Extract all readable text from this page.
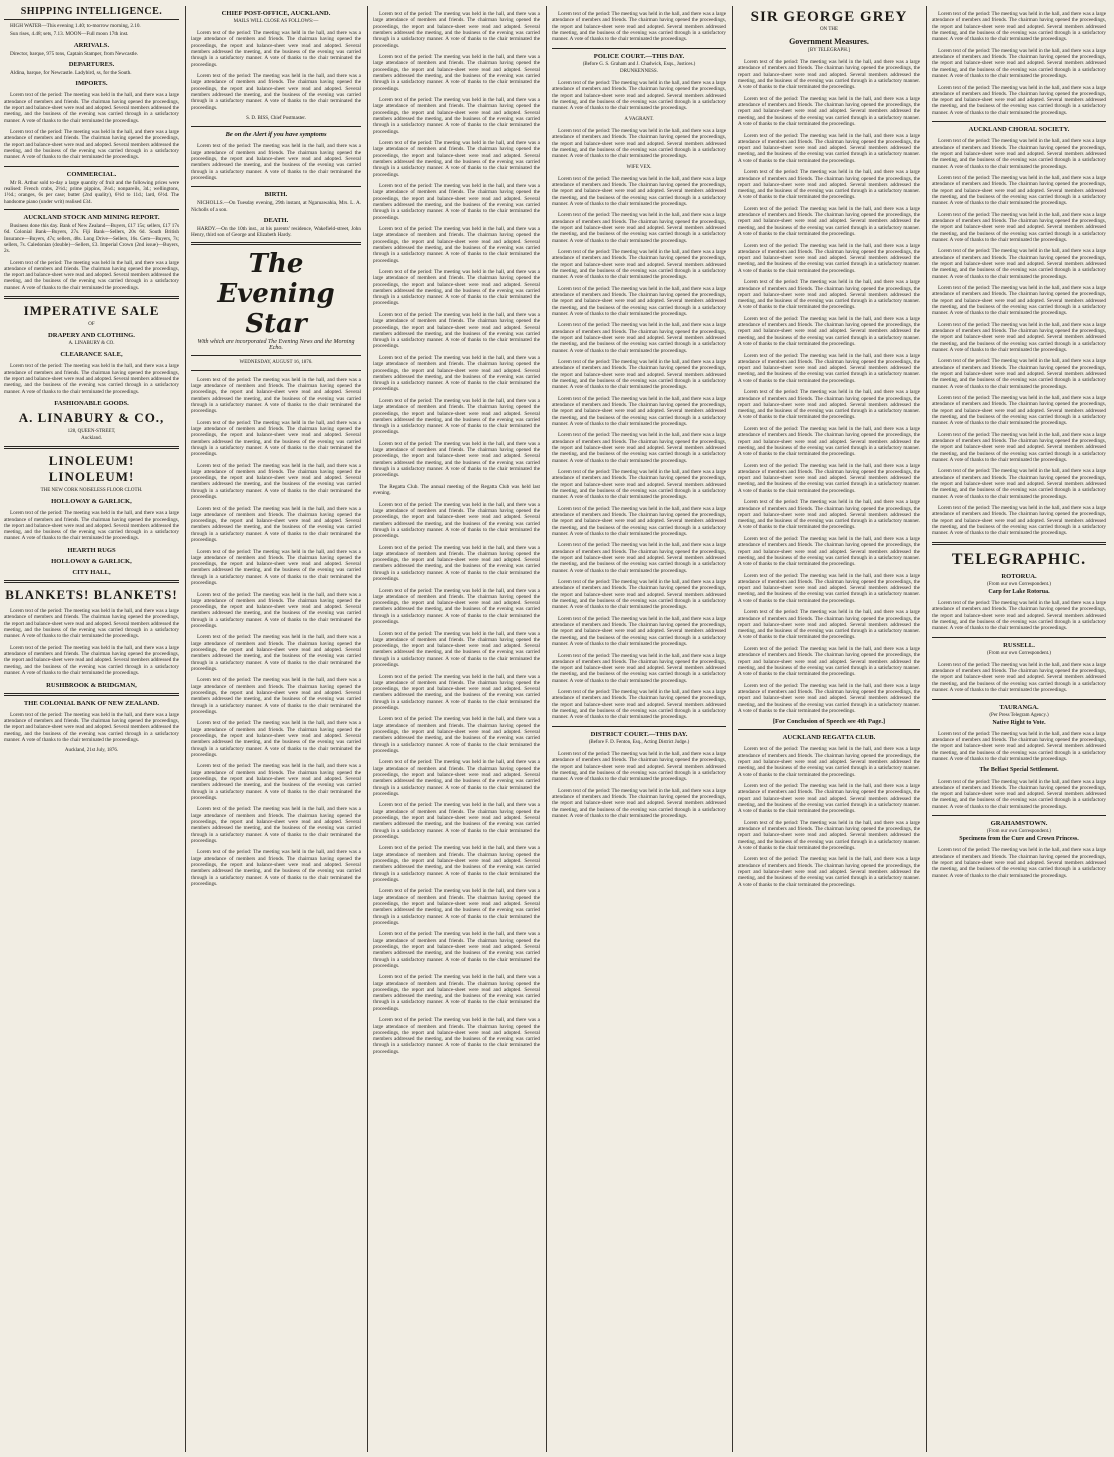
SHIPPING INTELLIGENCE.

HIGH WATER—This evening 1.40; to-morrow morning, 2.10.

Sun rises, 4.48; sets, 7.13. MOON—Full moon 17th inst.

ARRIVALS.

Director, barque, 975 tons, Captain Stamper, from Newcastle.

DEPARTURES.

Aldina, barque, for Newcastle. Ladybird, ss, for the South.

IMPORTS.

Lorem text of the period: The meeting was held in the hall, and there was a large attendance of members and friends. The chairman having opened the proceedings, the report and balance-sheet were read and adopted. Several members addressed the meeting, and the business of the evening was carried through in a satisfactory manner. A vote of thanks to the chair terminated the proceedings.

Lorem text of the period: The meeting was held in the hall, and there was a large attendance of members and friends. The chairman having opened the proceedings, the report and balance-sheet were read and adopted. Several members addressed the meeting, and the business of the evening was carried through in a satisfactory manner. A vote of thanks to the chair terminated the proceedings.

COMMERCIAL.

Mr R. Arthur sold to-day a large quantity of fruit and the following prices were realised: French crabs, 2½d.; prime pippins, 3¼d.; nonpareils, 3d.; wellingtons, 1½d.; oranges, 6s per case; butter (2nd quality), 6½d to 11d.; lard, 6½d. The handsome piano (under writ) realised £34.

AUCKLAND STOCK AND MINING REPORT.

Business done this day. Bank of New Zealand—Buyers, £17 15s; sellers, £17 17s 6d. Colonial Bank—Buyers, 27s. Fiji Bank—Sellers, 20s 6d. South British Insurance—Buyers, 47s; sellers, 48s. Long Drive—Sellers, 16s. Gem—Buyers, 7s; sellers, 7s. Caledonian (double)—Sellers, £3. Imperial Crown (2nd issue)—Buyers, 2s.

Lorem text of the period: The meeting was held in the hall, and there was a large attendance of members and friends. The chairman having opened the proceedings, the report and balance-sheet were read and adopted. Several members addressed the meeting, and the business of the evening was carried through in a satisfactory manner. A vote of thanks to the chair terminated the proceedings.

IMPERATIVE SALE
OF
DRAPERY AND CLOTHING.
A. LINABURY & CO.
CLEARANCE SALE,

Lorem text of the period: The meeting was held in the hall, and there was a large attendance of members and friends. The chairman having opened the proceedings, the report and balance-sheet were read and adopted. Several members addressed the meeting, and the business of the evening was carried through in a satisfactory manner. A vote of thanks to the chair terminated the proceedings.

FASHIONABLE GOODS.
A. LINABURY & CO.,
128, QUEEN-STREET,
Auckland.
LINOLEUM! LINOLEUM!
THE NEW CORK NOISELESS FLOOR CLOTH.
HOLLOWAY & GARLICK,

Lorem text of the period: The meeting was held in the hall, and there was a large attendance of members and friends. The chairman having opened the proceedings, the report and balance-sheet were read and adopted. Several members addressed the meeting, and the business of the evening was carried through in a satisfactory manner. A vote of thanks to the chair terminated the proceedings.

HEARTH RUGS
HOLLOWAY & GARLICK,
CITY HALL,
BLANKETS! BLANKETS!

Lorem text of the period: The meeting was held in the hall, and there was a large attendance of members and friends. The chairman having opened the proceedings, the report and balance-sheet were read and adopted. Several members addressed the meeting, and the business of the evening was carried through in a satisfactory manner. A vote of thanks to the chair terminated the proceedings.

Lorem text of the period: The meeting was held in the hall, and there was a large attendance of members and friends. The chairman having opened the proceedings, the report and balance-sheet were read and adopted. Several members addressed the meeting, and the business of the evening was carried through in a satisfactory manner. A vote of thanks to the chair terminated the proceedings.

RUSHBROOK & BRIDGMAN,
THE COLONIAL BANK OF NEW ZEALAND.

Lorem text of the period: The meeting was held in the hall, and there was a large attendance of members and friends. The chairman having opened the proceedings, the report and balance-sheet were read and adopted. Several members addressed the meeting, and the business of the evening was carried through in a satisfactory manner. A vote of thanks to the chair terminated the proceedings.

Auckland, 21st July, 1876.
CHIEF POST-OFFICE, AUCKLAND.
MAILS WILL CLOSE AS FOLLOWS:—

Lorem text of the period: The meeting was held in the hall, and there was a large attendance of members and friends. The chairman having opened the proceedings, the report and balance-sheet were read and adopted. Several members addressed the meeting, and the business of the evening was carried through in a satisfactory manner. A vote of thanks to the chair terminated the proceedings.

Lorem text of the period: The meeting was held in the hall, and there was a large attendance of members and friends. The chairman having opened the proceedings, the report and balance-sheet were read and adopted. Several members addressed the meeting, and the business of the evening was carried through in a satisfactory manner. A vote of thanks to the chair terminated the proceedings.

S. D. BISS, Chief Postmaster.
Be on the Alert if you have symptoms

Lorem text of the period: The meeting was held in the hall, and there was a large attendance of members and friends. The chairman having opened the proceedings, the report and balance-sheet were read and adopted. Several members addressed the meeting, and the business of the evening was carried through in a satisfactory manner. A vote of thanks to the chair terminated the proceedings.

BIRTH.

NICHOLLS.—On Tuesday evening, 29th instant, at Ngaruawahia, Mrs. L. A. Nicholls of a son.

DEATH.

HARDY.—On the 10th inst., at his parents' residence, Wakefield-street, John Henry, third son of George and Elizabeth Hardy.

The Evening Star
With which are incorporated The Evening News and the Morning Echo.
WEDNESDAY, AUGUST 16, 1876.

Lorem text of the period: The meeting was held in the hall, and there was a large attendance of members and friends. The chairman having opened the proceedings, the report and balance-sheet were read and adopted. Several members addressed the meeting, and the business of the evening was carried through in a satisfactory manner. A vote of thanks to the chair terminated the proceedings.

Lorem text of the period: The meeting was held in the hall, and there was a large attendance of members and friends. The chairman having opened the proceedings, the report and balance-sheet were read and adopted. Several members addressed the meeting, and the business of the evening was carried through in a satisfactory manner. A vote of thanks to the chair terminated the proceedings.

Lorem text of the period: The meeting was held in the hall, and there was a large attendance of members and friends. The chairman having opened the proceedings, the report and balance-sheet were read and adopted. Several members addressed the meeting, and the business of the evening was carried through in a satisfactory manner. A vote of thanks to the chair terminated the proceedings.

Lorem text of the period: The meeting was held in the hall, and there was a large attendance of members and friends. The chairman having opened the proceedings, the report and balance-sheet were read and adopted. Several members addressed the meeting, and the business of the evening was carried through in a satisfactory manner. A vote of thanks to the chair terminated the proceedings.

Lorem text of the period: The meeting was held in the hall, and there was a large attendance of members and friends. The chairman having opened the proceedings, the report and balance-sheet were read and adopted. Several members addressed the meeting, and the business of the evening was carried through in a satisfactory manner. A vote of thanks to the chair terminated the proceedings.

Lorem text of the period: The meeting was held in the hall, and there was a large attendance of members and friends. The chairman having opened the proceedings, the report and balance-sheet were read and adopted. Several members addressed the meeting, and the business of the evening was carried through in a satisfactory manner. A vote of thanks to the chair terminated the proceedings.

Lorem text of the period: The meeting was held in the hall, and there was a large attendance of members and friends. The chairman having opened the proceedings, the report and balance-sheet were read and adopted. Several members addressed the meeting, and the business of the evening was carried through in a satisfactory manner. A vote of thanks to the chair terminated the proceedings.

Lorem text of the period: The meeting was held in the hall, and there was a large attendance of members and friends. The chairman having opened the proceedings, the report and balance-sheet were read and adopted. Several members addressed the meeting, and the business of the evening was carried through in a satisfactory manner. A vote of thanks to the chair terminated the proceedings.

Lorem text of the period: The meeting was held in the hall, and there was a large attendance of members and friends. The chairman having opened the proceedings, the report and balance-sheet were read and adopted. Several members addressed the meeting, and the business of the evening was carried through in a satisfactory manner. A vote of thanks to the chair terminated the proceedings.

Lorem text of the period: The meeting was held in the hall, and there was a large attendance of members and friends. The chairman having opened the proceedings, the report and balance-sheet were read and adopted. Several members addressed the meeting, and the business of the evening was carried through in a satisfactory manner. A vote of thanks to the chair terminated the proceedings.

Lorem text of the period: The meeting was held in the hall, and there was a large attendance of members and friends. The chairman having opened the proceedings, the report and balance-sheet were read and adopted. Several members addressed the meeting, and the business of the evening was carried through in a satisfactory manner. A vote of thanks to the chair terminated the proceedings.

Lorem text of the period: The meeting was held in the hall, and there was a large attendance of members and friends. The chairman having opened the proceedings, the report and balance-sheet were read and adopted. Several members addressed the meeting, and the business of the evening was carried through in a satisfactory manner. A vote of thanks to the chair terminated the proceedings.

Lorem text of the period: The meeting was held in the hall, and there was a large attendance of members and friends. The chairman having opened the proceedings, the report and balance-sheet were read and adopted. Several members addressed the meeting, and the business of the evening was carried through in a satisfactory manner. A vote of thanks to the chair terminated the proceedings.

Lorem text of the period: The meeting was held in the hall, and there was a large attendance of members and friends. The chairman having opened the proceedings, the report and balance-sheet were read and adopted. Several members addressed the meeting, and the business of the evening was carried through in a satisfactory manner. A vote of thanks to the chair terminated the proceedings.

Lorem text of the period: The meeting was held in the hall, and there was a large attendance of members and friends. The chairman having opened the proceedings, the report and balance-sheet were read and adopted. Several members addressed the meeting, and the business of the evening was carried through in a satisfactory manner. A vote of thanks to the chair terminated the proceedings.

Lorem text of the period: The meeting was held in the hall, and there was a large attendance of members and friends. The chairman having opened the proceedings, the report and balance-sheet were read and adopted. Several members addressed the meeting, and the business of the evening was carried through in a satisfactory manner. A vote of thanks to the chair terminated the proceedings.

Lorem text of the period: The meeting was held in the hall, and there was a large attendance of members and friends. The chairman having opened the proceedings, the report and balance-sheet were read and adopted. Several members addressed the meeting, and the business of the evening was carried through in a satisfactory manner. A vote of thanks to the chair terminated the proceedings.

Lorem text of the period: The meeting was held in the hall, and there was a large attendance of members and friends. The chairman having opened the proceedings, the report and balance-sheet were read and adopted. Several members addressed the meeting, and the business of the evening was carried through in a satisfactory manner. A vote of thanks to the chair terminated the proceedings.

Lorem text of the period: The meeting was held in the hall, and there was a large attendance of members and friends. The chairman having opened the proceedings, the report and balance-sheet were read and adopted. Several members addressed the meeting, and the business of the evening was carried through in a satisfactory manner. A vote of thanks to the chair terminated the proceedings.

Lorem text of the period: The meeting was held in the hall, and there was a large attendance of members and friends. The chairman having opened the proceedings, the report and balance-sheet were read and adopted. Several members addressed the meeting, and the business of the evening was carried through in a satisfactory manner. A vote of thanks to the chair terminated the proceedings.

Lorem text of the period: The meeting was held in the hall, and there was a large attendance of members and friends. The chairman having opened the proceedings, the report and balance-sheet were read and adopted. Several members addressed the meeting, and the business of the evening was carried through in a satisfactory manner. A vote of thanks to the chair terminated the proceedings.

Lorem text of the period: The meeting was held in the hall, and there was a large attendance of members and friends. The chairman having opened the proceedings, the report and balance-sheet were read and adopted. Several members addressed the meeting, and the business of the evening was carried through in a satisfactory manner. A vote of thanks to the chair terminated the proceedings.

Lorem text of the period: The meeting was held in the hall, and there was a large attendance of members and friends. The chairman having opened the proceedings, the report and balance-sheet were read and adopted. Several members addressed the meeting, and the business of the evening was carried through in a satisfactory manner. A vote of thanks to the chair terminated the proceedings.

The Regatta Club. The annual meeting of the Regatta Club was held last evening.

Lorem text of the period: The meeting was held in the hall, and there was a large attendance of members and friends. The chairman having opened the proceedings, the report and balance-sheet were read and adopted. Several members addressed the meeting, and the business of the evening was carried through in a satisfactory manner. A vote of thanks to the chair terminated the proceedings.

Lorem text of the period: The meeting was held in the hall, and there was a large attendance of members and friends. The chairman having opened the proceedings, the report and balance-sheet were read and adopted. Several members addressed the meeting, and the business of the evening was carried through in a satisfactory manner. A vote of thanks to the chair terminated the proceedings.

Lorem text of the period: The meeting was held in the hall, and there was a large attendance of members and friends. The chairman having opened the proceedings, the report and balance-sheet were read and adopted. Several members addressed the meeting, and the business of the evening was carried through in a satisfactory manner. A vote of thanks to the chair terminated the proceedings.

Lorem text of the period: The meeting was held in the hall, and there was a large attendance of members and friends. The chairman having opened the proceedings, the report and balance-sheet were read and adopted. Several members addressed the meeting, and the business of the evening was carried through in a satisfactory manner. A vote of thanks to the chair terminated the proceedings.

Lorem text of the period: The meeting was held in the hall, and there was a large attendance of members and friends. The chairman having opened the proceedings, the report and balance-sheet were read and adopted. Several members addressed the meeting, and the business of the evening was carried through in a satisfactory manner. A vote of thanks to the chair terminated the proceedings.

Lorem text of the period: The meeting was held in the hall, and there was a large attendance of members and friends. The chairman having opened the proceedings, the report and balance-sheet were read and adopted. Several members addressed the meeting, and the business of the evening was carried through in a satisfactory manner. A vote of thanks to the chair terminated the proceedings.

Lorem text of the period: The meeting was held in the hall, and there was a large attendance of members and friends. The chairman having opened the proceedings, the report and balance-sheet were read and adopted. Several members addressed the meeting, and the business of the evening was carried through in a satisfactory manner. A vote of thanks to the chair terminated the proceedings.

Lorem text of the period: The meeting was held in the hall, and there was a large attendance of members and friends. The chairman having opened the proceedings, the report and balance-sheet were read and adopted. Several members addressed the meeting, and the business of the evening was carried through in a satisfactory manner. A vote of thanks to the chair terminated the proceedings.

Lorem text of the period: The meeting was held in the hall, and there was a large attendance of members and friends. The chairman having opened the proceedings, the report and balance-sheet were read and adopted. Several members addressed the meeting, and the business of the evening was carried through in a satisfactory manner. A vote of thanks to the chair terminated the proceedings.

Lorem text of the period: The meeting was held in the hall, and there was a large attendance of members and friends. The chairman having opened the proceedings, the report and balance-sheet were read and adopted. Several members addressed the meeting, and the business of the evening was carried through in a satisfactory manner. A vote of thanks to the chair terminated the proceedings.

Lorem text of the period: The meeting was held in the hall, and there was a large attendance of members and friends. The chairman having opened the proceedings, the report and balance-sheet were read and adopted. Several members addressed the meeting, and the business of the evening was carried through in a satisfactory manner. A vote of thanks to the chair terminated the proceedings.

Lorem text of the period: The meeting was held in the hall, and there was a large attendance of members and friends. The chairman having opened the proceedings, the report and balance-sheet were read and adopted. Several members addressed the meeting, and the business of the evening was carried through in a satisfactory manner. A vote of thanks to the chair terminated the proceedings.

Lorem text of the period: The meeting was held in the hall, and there was a large attendance of members and friends. The chairman having opened the proceedings, the report and balance-sheet were read and adopted. Several members addressed the meeting, and the business of the evening was carried through in a satisfactory manner. A vote of thanks to the chair terminated the proceedings.

Lorem text of the period: The meeting was held in the hall, and there was a large attendance of members and friends. The chairman having opened the proceedings, the report and balance-sheet were read and adopted. Several members addressed the meeting, and the business of the evening was carried through in a satisfactory manner. A vote of thanks to the chair terminated the proceedings.

POLICE COURT.—THIS DAY.
(Before G. S. Graham and J. Chadwick, Esqs., Justices.)
DRUNKENNESS.

Lorem text of the period: The meeting was held in the hall, and there was a large attendance of members and friends. The chairman having opened the proceedings, the report and balance-sheet were read and adopted. Several members addressed the meeting, and the business of the evening was carried through in a satisfactory manner. A vote of thanks to the chair terminated the proceedings.

A VAGRANT.

Lorem text of the period: The meeting was held in the hall, and there was a large attendance of members and friends. The chairman having opened the proceedings, the report and balance-sheet were read and adopted. Several members addressed the meeting, and the business of the evening was carried through in a satisfactory manner. A vote of thanks to the chair terminated the proceedings.

WIFE VEX.

Lorem text of the period: The meeting was held in the hall, and there was a large attendance of members and friends. The chairman having opened the proceedings, the report and balance-sheet were read and adopted. Several members addressed the meeting, and the business of the evening was carried through in a satisfactory manner. A vote of thanks to the chair terminated the proceedings.

Lorem text of the period: The meeting was held in the hall, and there was a large attendance of members and friends. The chairman having opened the proceedings, the report and balance-sheet were read and adopted. Several members addressed the meeting, and the business of the evening was carried through in a satisfactory manner. A vote of thanks to the chair terminated the proceedings.

Lorem text of the period: The meeting was held in the hall, and there was a large attendance of members and friends. The chairman having opened the proceedings, the report and balance-sheet were read and adopted. Several members addressed the meeting, and the business of the evening was carried through in a satisfactory manner. A vote of thanks to the chair terminated the proceedings.

Lorem text of the period: The meeting was held in the hall, and there was a large attendance of members and friends. The chairman having opened the proceedings, the report and balance-sheet were read and adopted. Several members addressed the meeting, and the business of the evening was carried through in a satisfactory manner. A vote of thanks to the chair terminated the proceedings.

Lorem text of the period: The meeting was held in the hall, and there was a large attendance of members and friends. The chairman having opened the proceedings, the report and balance-sheet were read and adopted. Several members addressed the meeting, and the business of the evening was carried through in a satisfactory manner. A vote of thanks to the chair terminated the proceedings.

Lorem text of the period: The meeting was held in the hall, and there was a large attendance of members and friends. The chairman having opened the proceedings, the report and balance-sheet were read and adopted. Several members addressed the meeting, and the business of the evening was carried through in a satisfactory manner. A vote of thanks to the chair terminated the proceedings.

Lorem text of the period: The meeting was held in the hall, and there was a large attendance of members and friends. The chairman having opened the proceedings, the report and balance-sheet were read and adopted. Several members addressed the meeting, and the business of the evening was carried through in a satisfactory manner. A vote of thanks to the chair terminated the proceedings.

Lorem text of the period: The meeting was held in the hall, and there was a large attendance of members and friends. The chairman having opened the proceedings, the report and balance-sheet were read and adopted. Several members addressed the meeting, and the business of the evening was carried through in a satisfactory manner. A vote of thanks to the chair terminated the proceedings.

Lorem text of the period: The meeting was held in the hall, and there was a large attendance of members and friends. The chairman having opened the proceedings, the report and balance-sheet were read and adopted. Several members addressed the meeting, and the business of the evening was carried through in a satisfactory manner. A vote of thanks to the chair terminated the proceedings.

Lorem text of the period: The meeting was held in the hall, and there was a large attendance of members and friends. The chairman having opened the proceedings, the report and balance-sheet were read and adopted. Several members addressed the meeting, and the business of the evening was carried through in a satisfactory manner. A vote of thanks to the chair terminated the proceedings.

Lorem text of the period: The meeting was held in the hall, and there was a large attendance of members and friends. The chairman having opened the proceedings, the report and balance-sheet were read and adopted. Several members addressed the meeting, and the business of the evening was carried through in a satisfactory manner. A vote of thanks to the chair terminated the proceedings.

Lorem text of the period: The meeting was held in the hall, and there was a large attendance of members and friends. The chairman having opened the proceedings, the report and balance-sheet were read and adopted. Several members addressed the meeting, and the business of the evening was carried through in a satisfactory manner. A vote of thanks to the chair terminated the proceedings.

Lorem text of the period: The meeting was held in the hall, and there was a large attendance of members and friends. The chairman having opened the proceedings, the report and balance-sheet were read and adopted. Several members addressed the meeting, and the business of the evening was carried through in a satisfactory manner. A vote of thanks to the chair terminated the proceedings.

Lorem text of the period: The meeting was held in the hall, and there was a large attendance of members and friends. The chairman having opened the proceedings, the report and balance-sheet were read and adopted. Several members addressed the meeting, and the business of the evening was carried through in a satisfactory manner. A vote of thanks to the chair terminated the proceedings.

Lorem text of the period: The meeting was held in the hall, and there was a large attendance of members and friends. The chairman having opened the proceedings, the report and balance-sheet were read and adopted. Several members addressed the meeting, and the business of the evening was carried through in a satisfactory manner. A vote of thanks to the chair terminated the proceedings.

DISTRICT COURT.—THIS DAY.
(Before F. D. Fenton, Esq., Acting District Judge.)

Lorem text of the period: The meeting was held in the hall, and there was a large attendance of members and friends. The chairman having opened the proceedings, the report and balance-sheet were read and adopted. Several members addressed the meeting, and the business of the evening was carried through in a satisfactory manner. A vote of thanks to the chair terminated the proceedings.

Lorem text of the period: The meeting was held in the hall, and there was a large attendance of members and friends. The chairman having opened the proceedings, the report and balance-sheet were read and adopted. Several members addressed the meeting, and the business of the evening was carried through in a satisfactory manner. A vote of thanks to the chair terminated the proceedings.

SIR GEORGE GREY
ON THE
Government Measures.
[BY TELEGRAPH.]

Lorem text of the period: The meeting was held in the hall, and there was a large attendance of members and friends. The chairman having opened the proceedings, the report and balance-sheet were read and adopted. Several members addressed the meeting, and the business of the evening was carried through in a satisfactory manner. A vote of thanks to the chair terminated the proceedings.

Lorem text of the period: The meeting was held in the hall, and there was a large attendance of members and friends. The chairman having opened the proceedings, the report and balance-sheet were read and adopted. Several members addressed the meeting, and the business of the evening was carried through in a satisfactory manner. A vote of thanks to the chair terminated the proceedings.

Lorem text of the period: The meeting was held in the hall, and there was a large attendance of members and friends. The chairman having opened the proceedings, the report and balance-sheet were read and adopted. Several members addressed the meeting, and the business of the evening was carried through in a satisfactory manner. A vote of thanks to the chair terminated the proceedings.

Lorem text of the period: The meeting was held in the hall, and there was a large attendance of members and friends. The chairman having opened the proceedings, the report and balance-sheet were read and adopted. Several members addressed the meeting, and the business of the evening was carried through in a satisfactory manner. A vote of thanks to the chair terminated the proceedings.

Lorem text of the period: The meeting was held in the hall, and there was a large attendance of members and friends. The chairman having opened the proceedings, the report and balance-sheet were read and adopted. Several members addressed the meeting, and the business of the evening was carried through in a satisfactory manner. A vote of thanks to the chair terminated the proceedings.

Lorem text of the period: The meeting was held in the hall, and there was a large attendance of members and friends. The chairman having opened the proceedings, the report and balance-sheet were read and adopted. Several members addressed the meeting, and the business of the evening was carried through in a satisfactory manner. A vote of thanks to the chair terminated the proceedings.

Lorem text of the period: The meeting was held in the hall, and there was a large attendance of members and friends. The chairman having opened the proceedings, the report and balance-sheet were read and adopted. Several members addressed the meeting, and the business of the evening was carried through in a satisfactory manner. A vote of thanks to the chair terminated the proceedings.

Lorem text of the period: The meeting was held in the hall, and there was a large attendance of members and friends. The chairman having opened the proceedings, the report and balance-sheet were read and adopted. Several members addressed the meeting, and the business of the evening was carried through in a satisfactory manner. A vote of thanks to the chair terminated the proceedings.

Lorem text of the period: The meeting was held in the hall, and there was a large attendance of members and friends. The chairman having opened the proceedings, the report and balance-sheet were read and adopted. Several members addressed the meeting, and the business of the evening was carried through in a satisfactory manner. A vote of thanks to the chair terminated the proceedings.

Lorem text of the period: The meeting was held in the hall, and there was a large attendance of members and friends. The chairman having opened the proceedings, the report and balance-sheet were read and adopted. Several members addressed the meeting, and the business of the evening was carried through in a satisfactory manner. A vote of thanks to the chair terminated the proceedings.

Lorem text of the period: The meeting was held in the hall, and there was a large attendance of members and friends. The chairman having opened the proceedings, the report and balance-sheet were read and adopted. Several members addressed the meeting, and the business of the evening was carried through in a satisfactory manner. A vote of thanks to the chair terminated the proceedings.

Lorem text of the period: The meeting was held in the hall, and there was a large attendance of members and friends. The chairman having opened the proceedings, the report and balance-sheet were read and adopted. Several members addressed the meeting, and the business of the evening was carried through in a satisfactory manner. A vote of thanks to the chair terminated the proceedings.

Lorem text of the period: The meeting was held in the hall, and there was a large attendance of members and friends. The chairman having opened the proceedings, the report and balance-sheet were read and adopted. Several members addressed the meeting, and the business of the evening was carried through in a satisfactory manner. A vote of thanks to the chair terminated the proceedings.

Lorem text of the period: The meeting was held in the hall, and there was a large attendance of members and friends. The chairman having opened the proceedings, the report and balance-sheet were read and adopted. Several members addressed the meeting, and the business of the evening was carried through in a satisfactory manner. A vote of thanks to the chair terminated the proceedings.

Lorem text of the period: The meeting was held in the hall, and there was a large attendance of members and friends. The chairman having opened the proceedings, the report and balance-sheet were read and adopted. Several members addressed the meeting, and the business of the evening was carried through in a satisfactory manner. A vote of thanks to the chair terminated the proceedings.

Lorem text of the period: The meeting was held in the hall, and there was a large attendance of members and friends. The chairman having opened the proceedings, the report and balance-sheet were read and adopted. Several members addressed the meeting, and the business of the evening was carried through in a satisfactory manner. A vote of thanks to the chair terminated the proceedings.

Lorem text of the period: The meeting was held in the hall, and there was a large attendance of members and friends. The chairman having opened the proceedings, the report and balance-sheet were read and adopted. Several members addressed the meeting, and the business of the evening was carried through in a satisfactory manner. A vote of thanks to the chair terminated the proceedings.

Lorem text of the period: The meeting was held in the hall, and there was a large attendance of members and friends. The chairman having opened the proceedings, the report and balance-sheet were read and adopted. Several members addressed the meeting, and the business of the evening was carried through in a satisfactory manner. A vote of thanks to the chair terminated the proceedings.

[For Conclusion of Speech see 4th Page.]
AUCKLAND REGATTA CLUB.

Lorem text of the period: The meeting was held in the hall, and there was a large attendance of members and friends. The chairman having opened the proceedings, the report and balance-sheet were read and adopted. Several members addressed the meeting, and the business of the evening was carried through in a satisfactory manner. A vote of thanks to the chair terminated the proceedings.

Lorem text of the period: The meeting was held in the hall, and there was a large attendance of members and friends. The chairman having opened the proceedings, the report and balance-sheet were read and adopted. Several members addressed the meeting, and the business of the evening was carried through in a satisfactory manner. A vote of thanks to the chair terminated the proceedings.

Lorem text of the period: The meeting was held in the hall, and there was a large attendance of members and friends. The chairman having opened the proceedings, the report and balance-sheet were read and adopted. Several members addressed the meeting, and the business of the evening was carried through in a satisfactory manner. A vote of thanks to the chair terminated the proceedings.

Lorem text of the period: The meeting was held in the hall, and there was a large attendance of members and friends. The chairman having opened the proceedings, the report and balance-sheet were read and adopted. Several members addressed the meeting, and the business of the evening was carried through in a satisfactory manner. A vote of thanks to the chair terminated the proceedings.

Lorem text of the period: The meeting was held in the hall, and there was a large attendance of members and friends. The chairman having opened the proceedings, the report and balance-sheet were read and adopted. Several members addressed the meeting, and the business of the evening was carried through in a satisfactory manner. A vote of thanks to the chair terminated the proceedings.

Lorem text of the period: The meeting was held in the hall, and there was a large attendance of members and friends. The chairman having opened the proceedings, the report and balance-sheet were read and adopted. Several members addressed the meeting, and the business of the evening was carried through in a satisfactory manner. A vote of thanks to the chair terminated the proceedings.

Lorem text of the period: The meeting was held in the hall, and there was a large attendance of members and friends. The chairman having opened the proceedings, the report and balance-sheet were read and adopted. Several members addressed the meeting, and the business of the evening was carried through in a satisfactory manner. A vote of thanks to the chair terminated the proceedings.

AUCKLAND CHORAL SOCIETY.

Lorem text of the period: The meeting was held in the hall, and there was a large attendance of members and friends. The chairman having opened the proceedings, the report and balance-sheet were read and adopted. Several members addressed the meeting, and the business of the evening was carried through in a satisfactory manner. A vote of thanks to the chair terminated the proceedings.

Lorem text of the period: The meeting was held in the hall, and there was a large attendance of members and friends. The chairman having opened the proceedings, the report and balance-sheet were read and adopted. Several members addressed the meeting, and the business of the evening was carried through in a satisfactory manner. A vote of thanks to the chair terminated the proceedings.

Lorem text of the period: The meeting was held in the hall, and there was a large attendance of members and friends. The chairman having opened the proceedings, the report and balance-sheet were read and adopted. Several members addressed the meeting, and the business of the evening was carried through in a satisfactory manner. A vote of thanks to the chair terminated the proceedings.

Lorem text of the period: The meeting was held in the hall, and there was a large attendance of members and friends. The chairman having opened the proceedings, the report and balance-sheet were read and adopted. Several members addressed the meeting, and the business of the evening was carried through in a satisfactory manner. A vote of thanks to the chair terminated the proceedings.

Lorem text of the period: The meeting was held in the hall, and there was a large attendance of members and friends. The chairman having opened the proceedings, the report and balance-sheet were read and adopted. Several members addressed the meeting, and the business of the evening was carried through in a satisfactory manner. A vote of thanks to the chair terminated the proceedings.

Lorem text of the period: The meeting was held in the hall, and there was a large attendance of members and friends. The chairman having opened the proceedings, the report and balance-sheet were read and adopted. Several members addressed the meeting, and the business of the evening was carried through in a satisfactory manner. A vote of thanks to the chair terminated the proceedings.

Lorem text of the period: The meeting was held in the hall, and there was a large attendance of members and friends. The chairman having opened the proceedings, the report and balance-sheet were read and adopted. Several members addressed the meeting, and the business of the evening was carried through in a satisfactory manner. A vote of thanks to the chair terminated the proceedings.

Lorem text of the period: The meeting was held in the hall, and there was a large attendance of members and friends. The chairman having opened the proceedings, the report and balance-sheet were read and adopted. Several members addressed the meeting, and the business of the evening was carried through in a satisfactory manner. A vote of thanks to the chair terminated the proceedings.

Lorem text of the period: The meeting was held in the hall, and there was a large attendance of members and friends. The chairman having opened the proceedings, the report and balance-sheet were read and adopted. Several members addressed the meeting, and the business of the evening was carried through in a satisfactory manner. A vote of thanks to the chair terminated the proceedings.

Lorem text of the period: The meeting was held in the hall, and there was a large attendance of members and friends. The chairman having opened the proceedings, the report and balance-sheet were read and adopted. Several members addressed the meeting, and the business of the evening was carried through in a satisfactory manner. A vote of thanks to the chair terminated the proceedings.

Lorem text of the period: The meeting was held in the hall, and there was a large attendance of members and friends. The chairman having opened the proceedings, the report and balance-sheet were read and adopted. Several members addressed the meeting, and the business of the evening was carried through in a satisfactory manner. A vote of thanks to the chair terminated the proceedings.

TELEGRAPHIC.
ROTORUA.
(From our own Correspondent.)
Carp for Lake Rotorua.

Lorem text of the period: The meeting was held in the hall, and there was a large attendance of members and friends. The chairman having opened the proceedings, the report and balance-sheet were read and adopted. Several members addressed the meeting, and the business of the evening was carried through in a satisfactory manner. A vote of thanks to the chair terminated the proceedings.

RUSSELL.
(From our own Correspondent.)

Lorem text of the period: The meeting was held in the hall, and there was a large attendance of members and friends. The chairman having opened the proceedings, the report and balance-sheet were read and adopted. Several members addressed the meeting, and the business of the evening was carried through in a satisfactory manner. A vote of thanks to the chair terminated the proceedings.

TAURANGA.
(Per Press Telegram Agency.)
Native Right to Vote.

Lorem text of the period: The meeting was held in the hall, and there was a large attendance of members and friends. The chairman having opened the proceedings, the report and balance-sheet were read and adopted. Several members addressed the meeting, and the business of the evening was carried through in a satisfactory manner. A vote of thanks to the chair terminated the proceedings.

The Belfast Special Settlement.

Lorem text of the period: The meeting was held in the hall, and there was a large attendance of members and friends. The chairman having opened the proceedings, the report and balance-sheet were read and adopted. Several members addressed the meeting, and the business of the evening was carried through in a satisfactory manner. A vote of thanks to the chair terminated the proceedings.

GRAHAMSTOWN.
(From our own Correspondent.)
Specimens from the Cure and Crown Princess.

Lorem text of the period: The meeting was held in the hall, and there was a large attendance of members and friends. The chairman having opened the proceedings, the report and balance-sheet were read and adopted. Several members addressed the meeting, and the business of the evening was carried through in a satisfactory manner. A vote of thanks to the chair terminated the proceedings.
